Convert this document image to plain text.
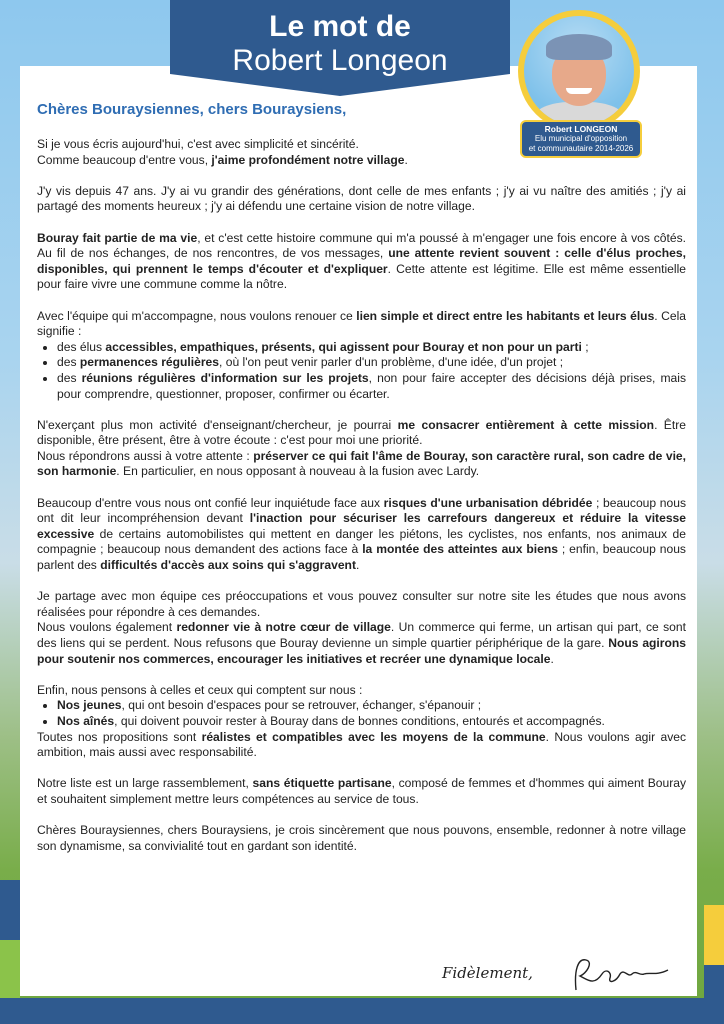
Le mot de
Robert Longeon
Robert LONGEON
Elu municipal d'opposition
et communautaire 2014-2026
Chères Bouraysiennes, chers Bouraysiens,

Si je vous écris aujourd'hui, c'est avec simplicité et sincérité.
Comme beaucoup d'entre vous, j'aime profondément notre village.

J'y vis depuis 47 ans. J'y ai vu grandir des générations, dont celle de mes enfants ; j'y ai vu naître des amitiés ; j'y ai partagé des moments heureux ; j'y ai défendu une certaine vision de notre village.

Bouray fait partie de ma vie, et c'est cette histoire commune qui m'a poussé à m'engager une fois encore à vos côtés. Au fil de nos échanges, de nos rencontres, de vos messages, une attente revient souvent : celle d'élus proches, disponibles, qui prennent le temps d'écouter et d'expliquer. Cette attente est légitime. Elle est même essentielle pour faire vivre une commune comme la nôtre.

Avec l'équipe qui m'accompagne, nous voulons renouer ce lien simple et direct entre les habitants et leurs élus. Cela signifie :

• des élus accessibles, empathiques, présents, qui agissent pour Bouray et non pour un parti ;
• des permanences régulières, où l'on peut venir parler d'un problème, d'une idée, d'un projet ;
• des réunions régulières d'information sur les projets, non pour faire accepter des décisions déjà prises, mais pour comprendre, questionner, proposer, confirmer ou écarter.

N'exerçant plus mon activité d'enseignant/chercheur, je pourrai me consacrer entièrement à cette mission. Être disponible, être présent, être à votre écoute : c'est pour moi une priorité.
Nous répondrons aussi à votre attente : préserver ce qui fait l'âme de Bouray, son caractère rural, son cadre de vie, son harmonie. En particulier, en nous opposant à nouveau à la fusion avec Lardy.

Beaucoup d'entre vous nous ont confié leur inquiétude face aux risques d'une urbanisation débridée ; beaucoup nous ont dit leur incompréhension devant l'inaction pour sécuriser les carrefours dangereux et réduire la vitesse excessive de certains automobilistes qui mettent en danger les piétons, les cyclistes, nos enfants, nos animaux de compagnie ; beaucoup nous demandent des actions face à la montée des atteintes aux biens ; enfin, beaucoup nous parlent des difficultés d'accès aux soins qui s'aggravent.

Je partage avec mon équipe ces préoccupations et vous pouvez consulter sur notre site les études que nous avons réalisées pour répondre à ces demandes.
Nous voulons également redonner vie à notre cœur de village. Un commerce qui ferme, un artisan qui part, ce sont des liens qui se perdent. Nous refusons que Bouray devienne un simple quartier périphérique de la gare. Nous agirons pour soutenir nos commerces, encourager les initiatives et recréer une dynamique locale.

Enfin, nous pensons à celles et ceux qui comptent sur nous :

• Nos jeunes, qui ont besoin d'espaces pour se retrouver, échanger, s'épanouir ;
• Nos aînés, qui doivent pouvoir rester à Bouray dans de bonnes conditions, entourés et accompagnés.

Toutes nos propositions sont réalistes et compatibles avec les moyens de la commune. Nous voulons agir avec ambition, mais aussi avec responsabilité.

Notre liste est un large rassemblement, sans étiquette partisane, composé de femmes et d'hommes qui aiment Bouray et souhaitent simplement mettre leurs compétences au service de tous.

Chères Bouraysiennes, chers Bouraysiens, je crois sincèrement que nous pouvons, ensemble, redonner à notre village son dynamisme, sa convivialité tout en gardant son identité.

Fidèlement,
